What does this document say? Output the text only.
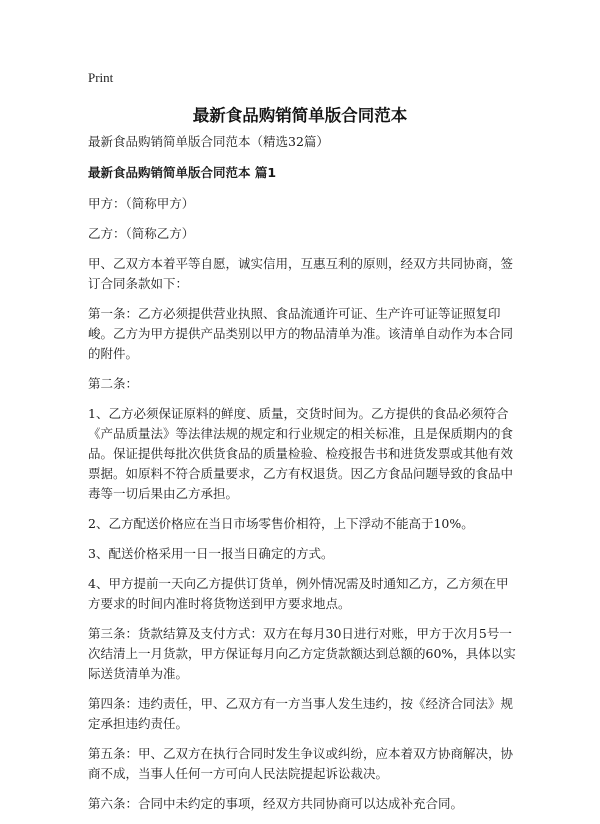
Print
最新食品购销简单版合同范本

最新食品购销简单版合同范本（精选32篇）

最新食品购销简单版合同范本 篇1

甲方：（简称甲方）

乙方：（简称乙方）

甲、乙双方本着平等自愿，诚实信用，互惠互利的原则，经双方共同协商，签订合同条款如下：

第一条：乙方必须提供营业执照、食品流通许可证、生产许可证等证照复印峻。乙方为甲方提供产品类别以甲方的物品清单为准。该清单自动作为本合同的附件。

第二条：

1、乙方必须保证原料的鲜度、质量，交货时间为。乙方提供的食品必须符合《产品质量法》等法律法规的规定和行业规定的相关标准，且是保质期内的食品。保证提供每批次供货食品的质量检验、检疫报告书和进货发票或其他有效票据。如原料不符合质量要求，乙方有权退货。因乙方食品问题导致的食品中毒等一切后果由乙方承担。

2、乙方配送价格应在当日市场零售价相符，上下浮动不能高于10%。

3、配送价格采用一日一报当日确定的方式。

4、甲方提前一天向乙方提供订货单，例外情况需及时通知乙方，乙方须在甲方要求的时间内准时将货物送到甲方要求地点。

第三条：货款结算及支付方式：双方在每月30日进行对账，甲方于次月5号一次结清上一月货款，甲方保证每月向乙方定货款额达到总额的60%，具体以实际送货清单为准。

第四条：违约责任，甲、乙双方有一方当事人发生违约，按《经济合同法》规定承担违约责任。

第五条：甲、乙双方在执行合同时发生争议或纠纷，应本着双方协商解决，协商不成，当事人任何一方可向人民法院提起诉讼裁决。

第六条：合同中未约定的事项，经双方共同协商可以达成补充合同。
